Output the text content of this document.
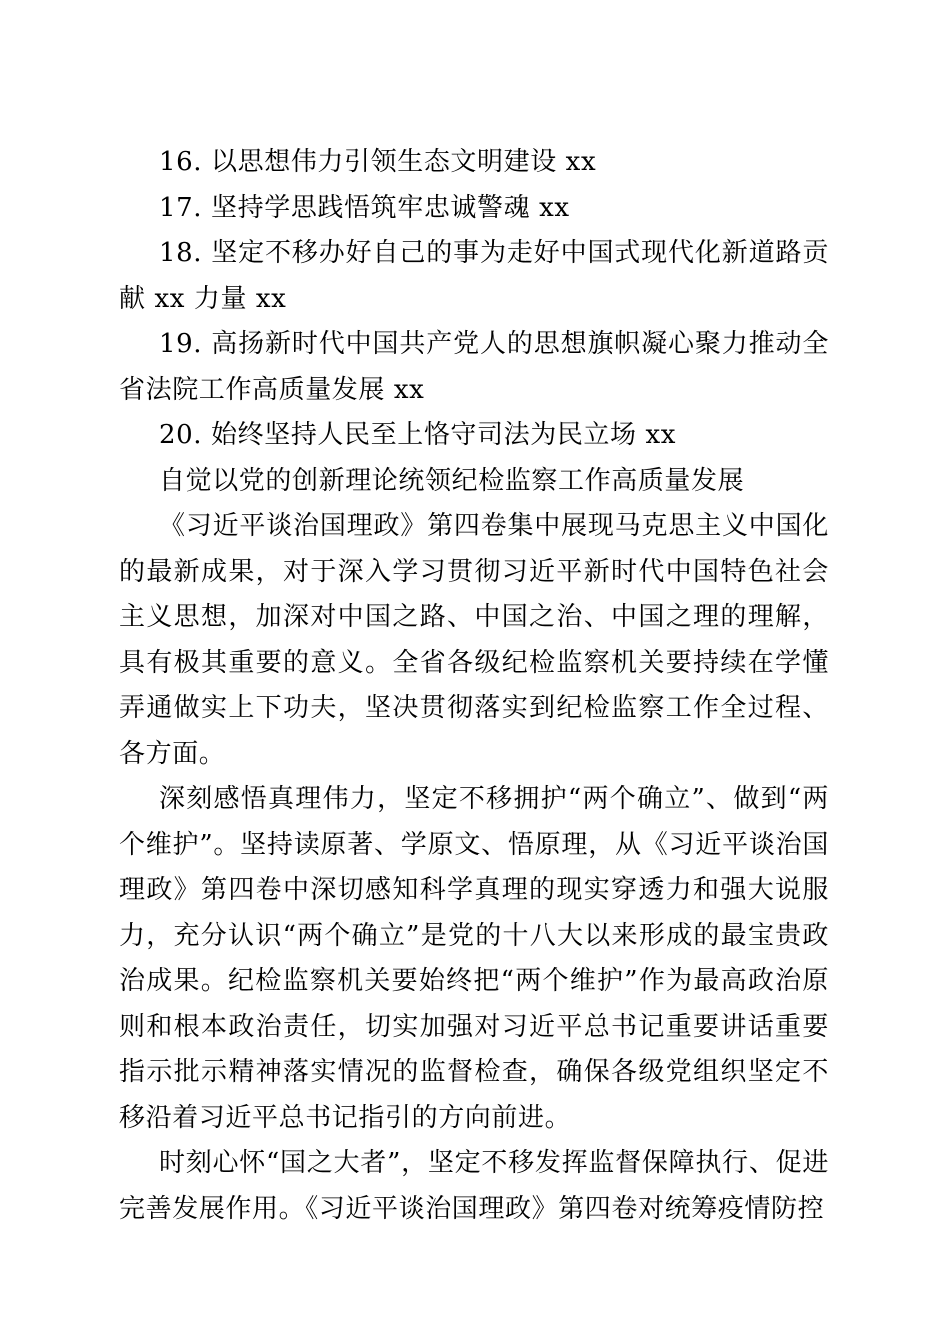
16. 以思想伟力引领生态文明建设 xx

17. 坚持学思践悟筑牢忠诚警魂 xx

18. 坚定不移办好自己的事为走好中国式现代化新道路贡献 xx 力量 xx

19. 高扬新时代中国共产党人的思想旗帜凝心聚力推动全省法院工作高质量发展 xx

20. 始终坚持人民至上恪守司法为民立场 xx

自觉以党的创新理论统领纪检监察工作高质量发展

《习近平谈治国理政》第四卷集中展现马克思主义中国化的最新成果，对于深入学习贯彻习近平新时代中国特色社会主义思想，加深对中国之路、中国之治、中国之理的理解，具有极其重要的意义。全省各级纪检监察机关要持续在学懂弄通做实上下功夫，坚决贯彻落实到纪检监察工作全过程、各方面。

深刻感悟真理伟力，坚定不移拥护“两个确立”、做到“两个维护”。坚持读原著、学原文、悟原理，从《习近平谈治国理政》第四卷中深切感知科学真理的现实穿透力和强大说服力，充分认识“两个确立”是党的十八大以来形成的最宝贵政治成果。纪检监察机关要始终把“两个维护”作为最高政治原则和根本政治责任，切实加强对习近平总书记重要讲话重要指示批示精神落实情况的监督检查，确保各级党组织坚定不移沿着习近平总书记指引的方向前进。

时刻心怀“国之大者”，坚定不移发挥监督保障执行、促进完善发展作用。《习近平谈治国理政》第四卷对统筹疫情防控
